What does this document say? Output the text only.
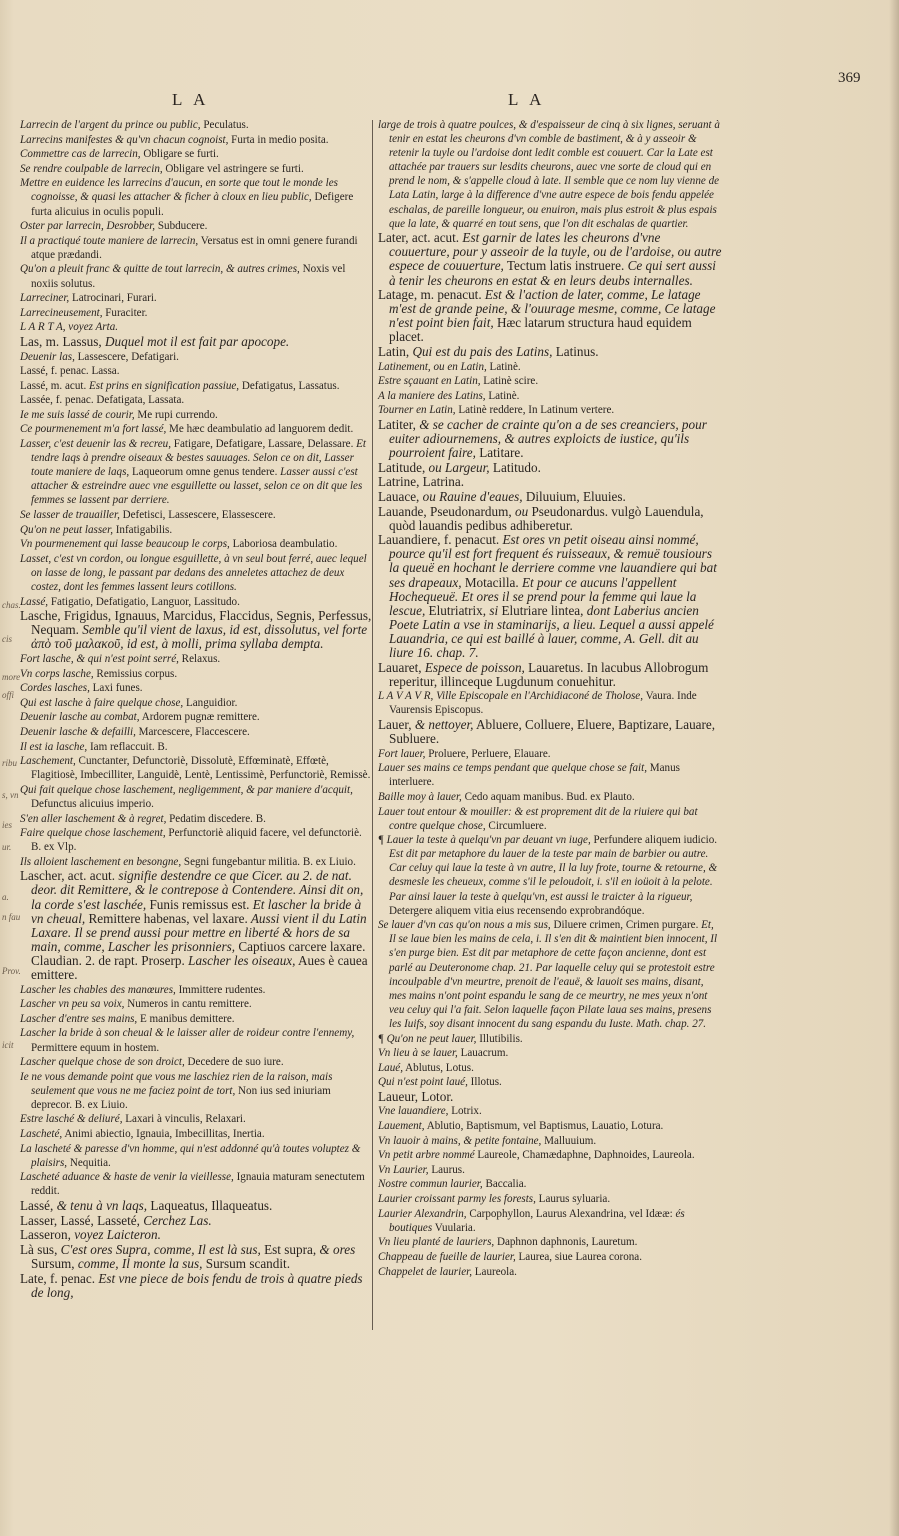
chas.
cis
more
offi
ribu
s, vn
ies
ur.
a.
n fau
Prov.
icit
L A	L A
369
Larrecin de l'argent du prince ou public, Peculatus.
Larrecins manifestes & qu'vn chacun cognoist, Furta in medio posita.
Commettre cas de larrecin, Obligare se furti.
Se rendre coulpable de larrecin, Obligare vel astringere se furti.
Mettre en euidence les larrecins d'aucun, en sorte que tout le monde les cognoisse, & quasi les attacher & ficher à cloux en lieu public, Defigere furta alicuius in oculis populi.
Oster par larrecin, Desrobber, Subducere.
Il a practiqué toute maniere de larrecin, Versatus est in omni genere furandi atque prædandi.
Qu'on a pleuit franc & quitte de tout larrecin, & autres crimes, Noxis vel noxiis solutus.
Larreciner, Latrocinari, Furari.
Larrecineusement, Furaciter.
L A R T A, voyez Arta.
Las, m. Lassus, Duquel mot il est fait par apocope.
Deuenir las, Lassescere, Defatigari.
Lassé, f. penac. Lassa.
Lassé, m. acut. Est prins en signification passiue, Defatigatus, Lassatus.
Lassée, f. penac. Defatigata, Lassata.
Ie me suis lassé de courir, Me rupi currendo.
Ce pourmenement m'a fort lassé, Me hæc deambulatio ad languorem dedit.
Lasser, c'est deuenir las & recreu, Fatigare, Defatigare, Lassare, Delassare. Et tendre laqs à prendre oiseaux & bestes sauuages. Selon ce on dit, Lasser toute maniere de laqs, Laqueorum omne genus tendere. Lasser aussi c'est attacher & estreindre auec vne esguillette ou lasset, selon ce on dit que les femmes se lassent par derriere.
Se lasser de trauailler, Defetisci, Lassescere, Elassescere.
Qu'on ne peut lasser, Infatigabilis.
Vn pourmenement qui lasse beaucoup le corps, Laboriosa deambulatio.
Lasset, c'est vn cordon, ou longue esguillette, à vn seul bout ferré, auec lequel on lasse de long, le passant par dedans des anneletes attachez de deux costez, dont les femmes lassent leurs cotillons.
Lassé, Fatigatio, Defatigatio, Languor, Lassitudo.
Lasche, Frigidus, Ignauus, Marcidus, Flaccidus, Segnis, Perfessus, Nequam. Semble qu'il vient de laxus, id est, dissolutus, vel forte ἀπὸ τοῦ μαλακοῦ, id est, à molli, prima syllaba dempta.
Fort lasche, & qui n'est point serré, Relaxus.
Vn corps lasche, Remissius corpus.
Cordes lasches, Laxi funes.
Qui est lasche à faire quelque chose, Languidior.
Deuenir lasche au combat, Ardorem pugnæ remittere.
Deuenir lasche & defailli, Marcescere, Flaccescere.
Il est ia lasche, Iam reflaccuit. B.
Laschement, Cunctanter, Defunctoriè, Dissolutè, Effœminatè, Effœtè, Flagitiosè, Imbecilliter, Languidè, Lentè, Lentissimè, Perfunctoriè, Remissè.
Qui fait quelque chose laschement, negligemment, & par maniere d'acquit, Defunctus alicuius imperio.
S'en aller laschement & à regret, Pedatim discedere. B.
Faire quelque chose laschement, Perfunctoriè aliquid facere, vel defunctoriè. B. ex Vlp.
Ils alloient laschement en besongne, Segni fungebantur militia. B. ex Liuio.
Lascher, act. acut. signifie destendre ce que Cicer. au 2. de nat. deor. dit Remittere, & le contrepose à Contendere. Ainsi dit on, la corde s'est laschée, Funis remissus est. Et lascher la bride à vn cheual, Remittere habenas, vel laxare. Aussi vient il du Latin Laxare. Il se prend aussi pour mettre en liberté & hors de sa main, comme, Lascher les prisonniers, Captiuos carcere laxare. Claudian. 2. de rapt. Proserp. Lascher les oiseaux, Aues è cauea emittere.
Lascher les chables des manœures, Immittere rudentes.
Lascher vn peu sa voix, Numeros in cantu remittere.
Lascher d'entre ses mains, E manibus demittere.
Lascher la bride à son cheual & le laisser aller de roideur contre l'ennemy, Permittere equum in hostem.
Lascher quelque chose de son droict, Decedere de suo iure.
Ie ne vous demande point que vous me laschiez rien de la raison, mais seulement que vous ne me faciez point de tort, Non ius sed iniuriam deprecor. B. ex Liuio.
Estre lasché & deliuré, Laxari à vinculis, Relaxari.
Lascheté, Animi abiectio, Ignauia, Imbecillitas, Inertia.
La lascheté & paresse d'vn homme, qui n'est addonné qu'à toutes voluptez & plaisirs, Nequitia.
Lascheté aduance & haste de venir la vieillesse, Ignauia maturam senectutem reddit.
Lassé, & tenu à vn laqs, Laqueatus, Illaqueatus.
Lasser, Lassé, Lasseté, Cerchez Las.
Lasseron, voyez Laicteron.
Là sus, C'est ores Supra, comme, Il est là sus, Est supra, & ores Sursum, comme, Il monte la sus, Sursum scandit.
Late, f. penac. Est vne piece de bois fendu de trois à quatre pieds de long,
large de trois à quatre poulces, & d'espaisseur de cinq à six lignes, seruant à tenir en estat les cheurons d'vn comble de bastiment, & à y asseoir & retenir la tuyle ou l'ardoise dont ledit comble est couuert. Car la Late est attachée par trauers sur lesdits cheurons, auec vne sorte de cloud qui en prend le nom, & s'appelle cloud à late. Il semble que ce nom luy vienne de Lata Latin, large à la difference d'vne autre espece de bois fendu appelée eschalas, de pareille longueur, ou enuiron, mais plus estroit & plus espais que la late, & quarré en tout sens, que l'on dit eschalas de quartier.
Later, act. acut. Est garnir de lates les cheurons d'vne couuerture, pour y asseoir de la tuyle, ou de l'ardoise, ou autre espece de couuerture, Tectum latis instruere. Ce qui sert aussi à tenir les cheurons en estat & en leurs deubs internalles.
Latage, m. penacut. Est & l'action de later, comme, Le latage m'est de grande peine, & l'ouurage mesme, comme, Ce latage n'est point bien fait, Hæc latarum structura haud equidem placet.
Latin, Qui est du pais des Latins, Latinus.
Latinement, ou en Latin, Latinè.
Estre sçauant en Latin, Latinè scire.
A la maniere des Latins, Latinè.
Tourner en Latin, Latinè reddere, In Latinum vertere.
Latiter, & se cacher de crainte qu'on a de ses creanciers, pour euiter adiournemens, & autres exploicts de iustice, qu'ils pourroient faire, Latitare.
Latitude, ou Largeur, Latitudo.
Latrine, Latrina.
Lauace, ou Rauine d'eaues, Diluuium, Eluuies.
Lauande, Pseudonardum, ou Pseudonardus. vulgò Lauendula, quòd lauandis pedibus adhiberetur.
Lauandiere, f. penacut. Est ores vn petit oiseau ainsi nommé, pource qu'il est fort frequent és ruisseaux, & remuë tousiours la queuë en hochant le derriere comme vne lauandiere qui bat ses drapeaux, Motacilla. Et pour ce aucuns l'appellent Hochequeuë. Et ores il se prend pour la femme qui laue la lescue, Elutriatrix, si Elutriare lintea, dont Laberius ancien Poete Latin a vse in staminarijs, a lieu. Lequel a aussi appelé Lauandria, ce qui est baillé à lauer, comme, A. Gell. dit au liure 16. chap. 7.
Lauaret, Espece de poisson, Lauaretus. In lacubus Allobrogum reperitur, illinceque Lugdunum conuehitur.
L A V A V R, Ville Episcopale en l'Archidiaconé de Tholose, Vaura. Inde Vaurensis Episcopus.
Lauer, & nettoyer, Abluere, Colluere, Eluere, Baptizare, Lauare, Subluere.
Fort lauer, Proluere, Perluere, Elauare.
Lauer ses mains ce temps pendant que quelque chose se fait, Manus interluere.
Baille moy à lauer, Cedo aquam manibus. Bud. ex Plauto.
Lauer tout entour & mouiller: & est proprement dit de la riuiere qui bat contre quelque chose, Circumluere.
¶ Lauer la teste à quelqu'vn par deuant vn iuge, Perfundere aliquem iudicio. Est dit par metaphore du lauer de la teste par main de barbier ou autre. Car celuy qui laue la teste à vn autre, Il la luy frote, tourne & retourne, & desmesle les cheueux, comme s'il le peloudoit, i. s'il en ioüoit à la pelote. Par ainsi lauer la teste à quelqu'vn, est aussi le traicter à la rigueur, Detergere aliquem vitia eius recensendo exprobrandóque.
Se lauer d'vn cas qu'on nous a mis sus, Diluere crimen, Crimen purgare. Et, Il se laue bien les mains de cela, i. Il s'en dit & maintient bien innocent, Il s'en purge bien. Est dit par metaphore de cette façon ancienne, dont est parlé au Deuteronome chap. 21. Par laquelle celuy qui se protestoit estre incoulpable d'vn meurtre, prenoit de l'eauë, & lauoit ses mains, disant, mes mains n'ont point espandu le sang de ce meurtry, ne mes yeux n'ont veu celuy qui l'a fait. Selon laquelle façon Pilate laua ses mains, presens les Iuifs, soy disant innocent du sang espandu du Iuste. Math. chap. 27.
¶ Qu'on ne peut lauer, Illutibilis.
Vn lieu à se lauer, Lauacrum.
Laué, Ablutus, Lotus.
Qui n'est point laué, Illotus.
Laueur, Lotor.
Vne lauandiere, Lotrix.
Lauement, Ablutio, Baptismum, vel Baptismus, Lauatio, Lotura.
Vn lauoir à mains, & petite fontaine, Malluuium.
Vn petit arbre nommé Laureole, Chamædaphne, Daphnoides, Laureola.
Vn Laurier, Laurus.
Nostre commun laurier, Baccalia.
Laurier croissant parmy les forests, Laurus syluaria.
Laurier Alexandrin, Carpophyllon, Laurus Alexandrina, vel Idææ: és boutiques Vuularia.
Vn lieu planté de lauriers, Daphnon daphnonis, Lauretum.
Chappeau de fueille de laurier, Laurea, siue Laurea corona.
Chappelet de laurier, Laureola.
